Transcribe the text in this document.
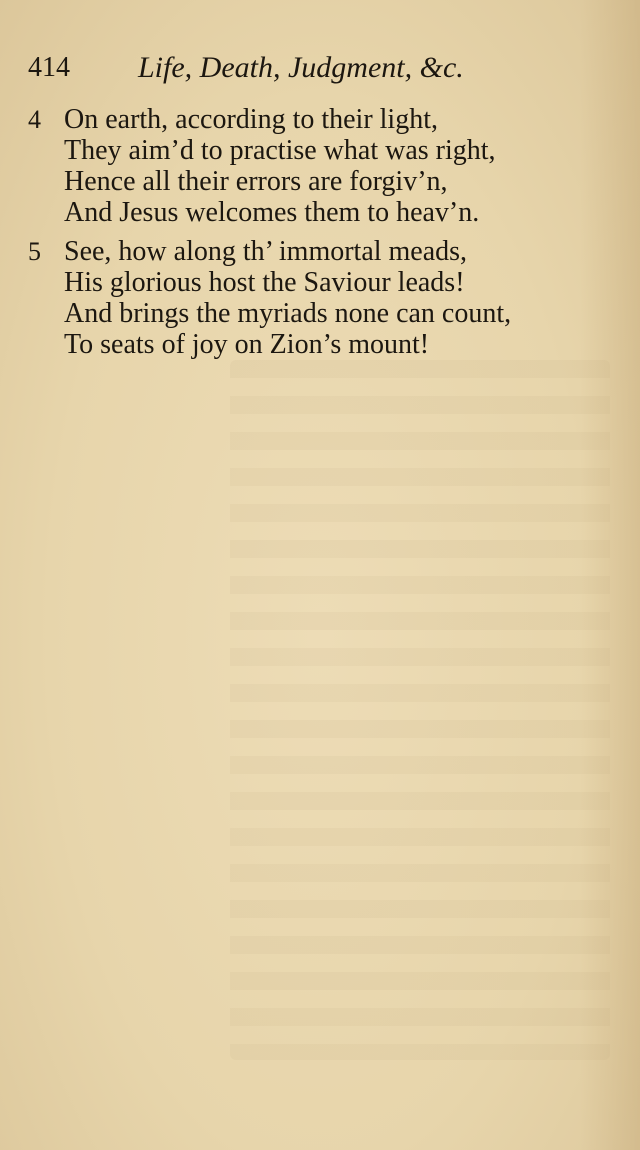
414 Life, Death, Judgment, &c.
4 On earth, according to their light,
They aim’d to practise what was right,
Hence all their errors are forgiv’n,
And Jesus welcomes them to heav’n.
5 See, how along th’ immortal meads,
His glorious host the Saviour leads!
And brings the myriads none can count,
To seats of joy on Zion’s mount!
